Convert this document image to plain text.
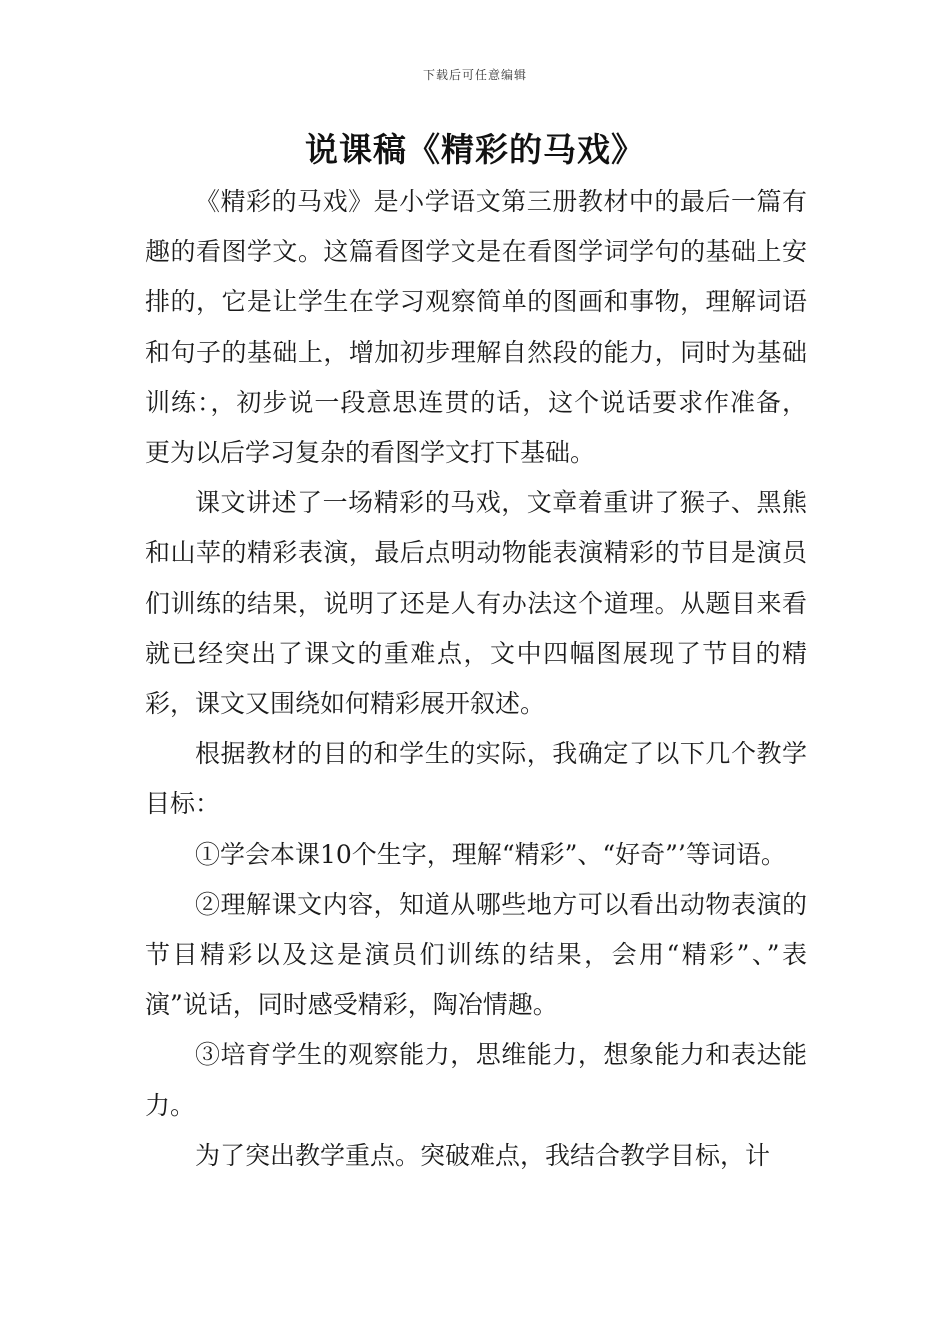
下载后可任意编辑
说课稿《精彩的马戏》

《精彩的马戏》是小学语文第三册教材中的最后一篇有趣的看图学文。这篇看图学文是在看图学词学句的基础上安排的，它是让学生在学习观察简单的图画和事物，理解词语和句子的基础上，增加初步理解自然段的能力，同时为基础训练：，初步说一段意思连贯的话，这个说话要求作准备，更为以后学习复杂的看图学文打下基础。

课文讲述了一场精彩的马戏，文章着重讲了猴子、黑熊和山苹的精彩表演，最后点明动物能表演精彩的节目是演员们训练的结果，说明了还是人有办法这个道理。从题目来看就已经突出了课文的重难点，文中四幅图展现了节目的精彩，课文又围绕如何精彩展开叙述。

根据教材的目的和学生的实际，我确定了以下几个教学目标：

①学会本课10个生字，理解“精彩”、“好奇”’等词语。

②理解课文内容，知道从哪些地方可以看出动物表演的节目精彩以及这是演员们训练的结果，会用“精彩”、”表演”说话，同时感受精彩，陶冶情趣。

③培育学生的观察能力，思维能力，想象能力和表达能力。

为了突出教学重点。突破难点，我结合教学目标，计
